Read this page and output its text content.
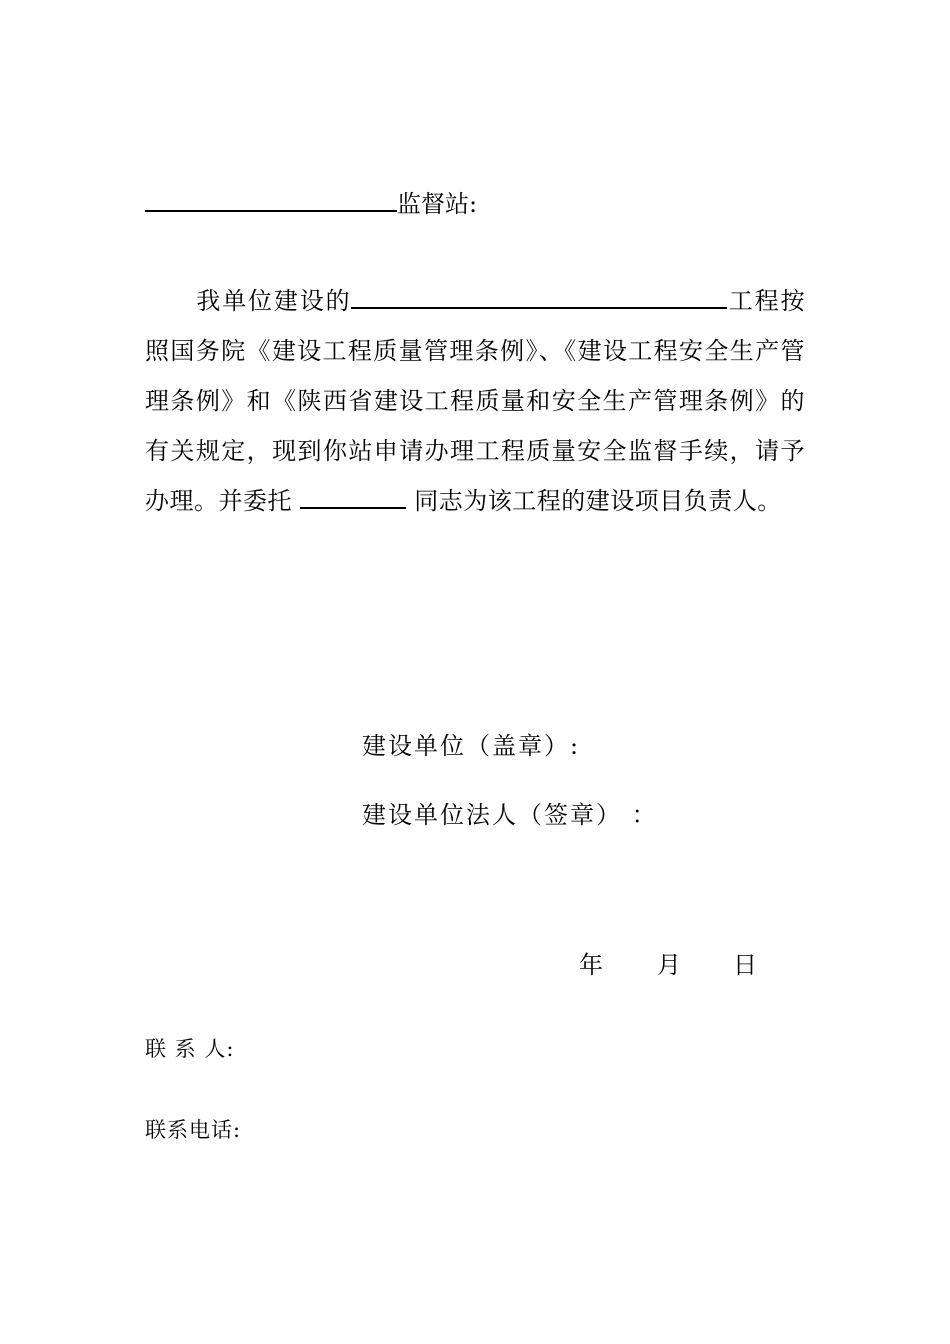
监督站:
我单位建设的	工程按照国务院《建设工程质量管理条例》、《建设工程安全生产管理条例》和《陕西省建设工程质量和安全生产管理条例》的有关规定，现到你站申请办理工程质量安全监督手续，请予办理。并委托	同志为该工程的建设项目负责人。
建设单位（盖章）:
建设单位法人（签章） ：
年 月 日
联 系 人:
联系电话:
